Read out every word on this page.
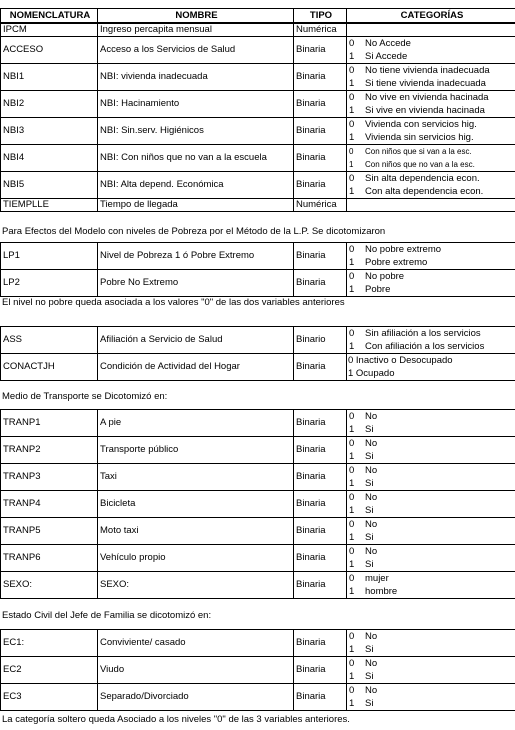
NOMENCLATURA	NOMBRE	TIPO	CATEGORÍAS
IPCM	Ingreso percapita mensual	Numérica	
ACCESO	Acceso a los Servicios de Salud	Binaria	0 No Accede
1 Si Accede

NBI1	NBI: vivienda inadecuada	Binaria	0 No tiene vivienda inadecuada
1 Si tiene vivienda inadecuada

NBI2	NBI: Hacinamiento	Binaria	0 No vive en vivienda hacinada
1 Si vive en vivienda hacinada

NBI3	NBI: Sin.serv. Higiénicos	Binaria	0 Vivienda con servicios hig.
1 Vivienda sin servicios hig.

NBI4	NBI: Con niños que no van a la escuela	Binaria	0 Con niños que si van a la esc.
1 Con niños que no van a la esc.

NBI5	NBI: Alta depend. Económica	Binaria	0 Sin alta dependencia econ.
1 Con alta dependencia econ.

TIEMPLLE	Tiempo de llegada	Numérica	
Para Efectos del Modelo con niveles de Pobreza por el Método de la L.P. Se dicotomizaron
LP1	Nivel de Pobreza 1 ó Pobre Extremo	Binaria	0 No pobre extremo
1 Pobre extremo

LP2	Pobre No Extremo	Binaria	0 No pobre
1 Pobre
El nivel no pobre queda asociada a los valores "0" de las dos variables anteriores
ASS	Afiliación a Servicio de Salud	Binario	0 Sin afiliación a los servicios
1 Con afiliación a los servicios

CONACTJH	Condición de Actividad del Hogar	Binaria	0 Inactivo o Desocupado
1 Ocupado
Medio de Transporte se Dicotomizó en:
TRANP1	A pie	Binaria	0 No
1 Si

TRANP2	Transporte público	Binaria	0 No
1 Si

TRANP3	Taxi	Binaria	0 No
1 Si

TRANP4	Bicicleta	Binaria	0 No
1 Si

TRANP5	Moto taxi	Binaria	0 No
1 Si

TRANP6	Vehículo propio	Binaria	0 No
1 Si

SEXO:	SEXO:	Binaria	0 mujer
1 hombre
Estado Civil del Jefe de Familia se dicotomizó en:
EC1:	Conviviente/ casado	Binaria	0 No
1 Si

EC2	Viudo	Binaria	0 No
1 Si

EC3	Separado/Divorciado	Binaria	0 No
1 Si
La categoría soltero queda Asociado a los niveles "0" de las 3 variables anteriores.
